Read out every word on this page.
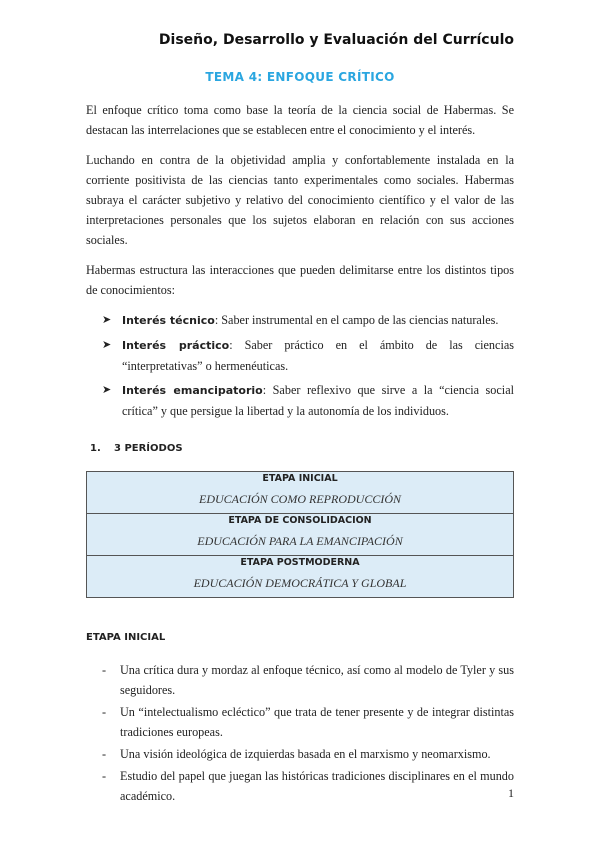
Diseño, Desarrollo y Evaluación del Currículo
TEMA 4: ENFOQUE CRÍTICO

El enfoque crítico toma como base la teoría de la ciencia social de Habermas. Se destacan las interrelaciones que se establecen entre el conocimiento y el interés.

Luchando en contra de la objetividad amplia y confortablemente instalada en la corriente positivista de las ciencias tanto experimentales como sociales. Habermas subraya el carácter subjetivo y relativo del conocimiento científico y el valor de las interpretaciones personales que los sujetos elaboran en relación con sus acciones sociales.

Habermas estructura las interacciones que pueden delimitarse entre los distintos tipos de conocimientos:

➤ Interés técnico: Saber instrumental en el campo de las ciencias naturales.
➤ Interés práctico: Saber práctico en el ámbito de las ciencias “interpretativas” o hermenéuticas.
➤ Interés emancipatorio: Saber reflexivo que sirve a la “ciencia social crítica” y que persigue la libertad y la autonomía de los individuos.
1. 3 PERÍODOS
ETAPA INICIAL
EDUCACIÓN COMO REPRODUCCIÓN

ETAPA DE CONSOLIDACION
EDUCACIÓN PARA LA EMANCIPACIÓN

ETAPA POSTMODERNA
EDUCACIÓN DEMOCRÁTICA Y GLOBAL
ETAPA INICIAL
- Una crítica dura y mordaz al enfoque técnico, así como al modelo de Tyler y sus seguidores.
- Un “intelectualismo ecléctico” que trata de tener presente y de integrar distintas tradiciones europeas.
- Una visión ideológica de izquierdas basada en el marxismo y neomarxismo.
- Estudio del papel que juegan las históricas tradiciones disciplinares en el mundo académico.	1
